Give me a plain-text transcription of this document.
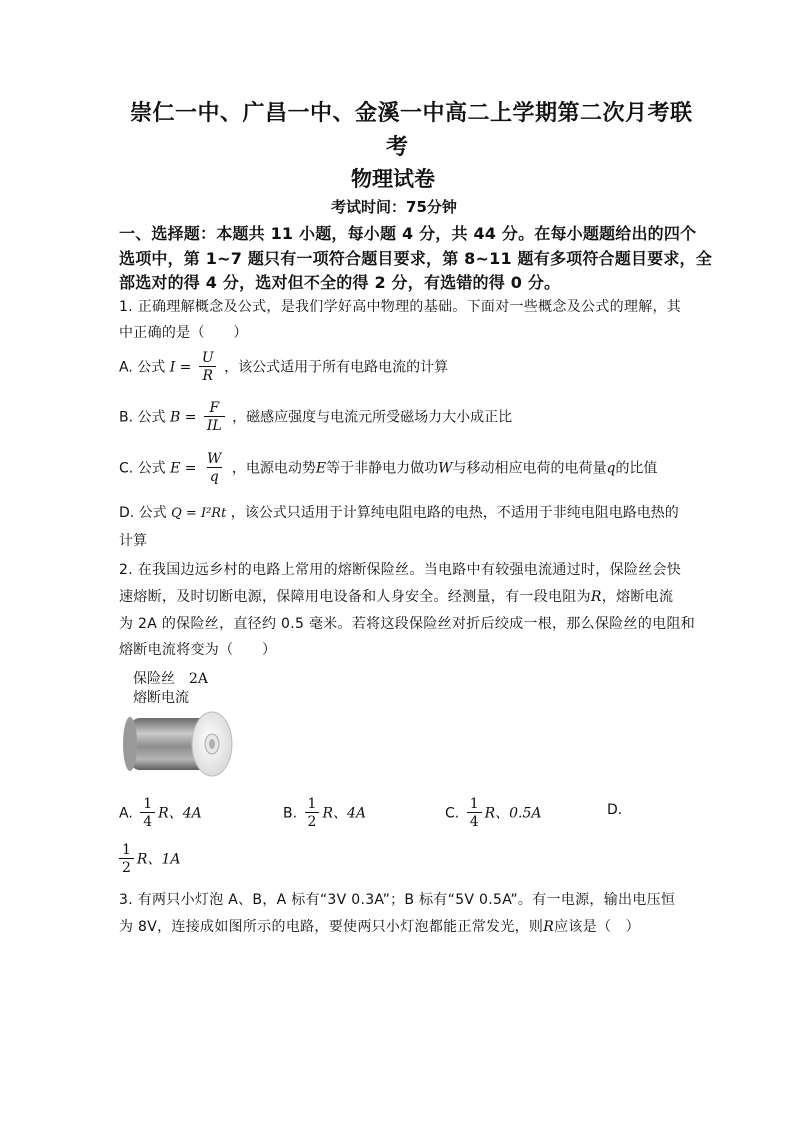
崇仁一中、广昌一中、金溪一中高二上学期第二次月考联
考
物理试卷
考试时间：75分钟
一、选择题：本题共 11 小题，每小题 4 分，共 44 分。在每小题题给出的四个
选项中，第 1~7 题只有一项符合题目要求，第 8~11 题有多项符合题目要求，全
部选对的得 4 分，选对但不全的得 2 分，有选错的得 0 分。
1. 正确理解概念及公式，是我们学好高中物理的基础。下面对一些概念及公式的理解，其
中正确的是（　　）
A. 公式 $I = \frac{U}{R}$ ，该公式适用于所有电路电流的计算
B. 公式 $B = \frac{F}{IL}$ ，磁感应强度与电流元所受磁场力大小成正比
C. 公式 $E = \frac{W}{q}$ ，电源电动势E等于非静电力做功W与移动相应电荷的电荷量q的比值
D. 公式 Q = I²Rt ，该公式只适用于计算纯电阻电路的电热，不适用于非纯电阻电路电热的
计算
2. 在我国边远乡村的电路上常用的熔断保险丝。当电路中有较强电流通过时，保险丝会快
速熔断，及时切断电源，保障用电设备和人身安全。经测量，有一段电阻为R，熔断电流
为 2A 的保险丝，直径约 0.5 毫米。若将这段保险丝对折后绞成一根，那么保险丝的电阻和
熔断电流将变为（　　）
保险丝　2A
熔断电流
A. $\frac{1}{4}$ R、4A	B. $\frac{1}{2}$ R、4A	C. $\frac{1}{4}$ R、0.5A	D.
$\frac{1}{2}$ R、1A
3. 有两只小灯泡 A、B，A 标有“3V 0.3A”；B 标有“5V 0.5A”。有一电源，输出电压恒
为 8V，连接成如图所示的电路，要使两只小灯泡都能正常发光，则R应该是（　）
